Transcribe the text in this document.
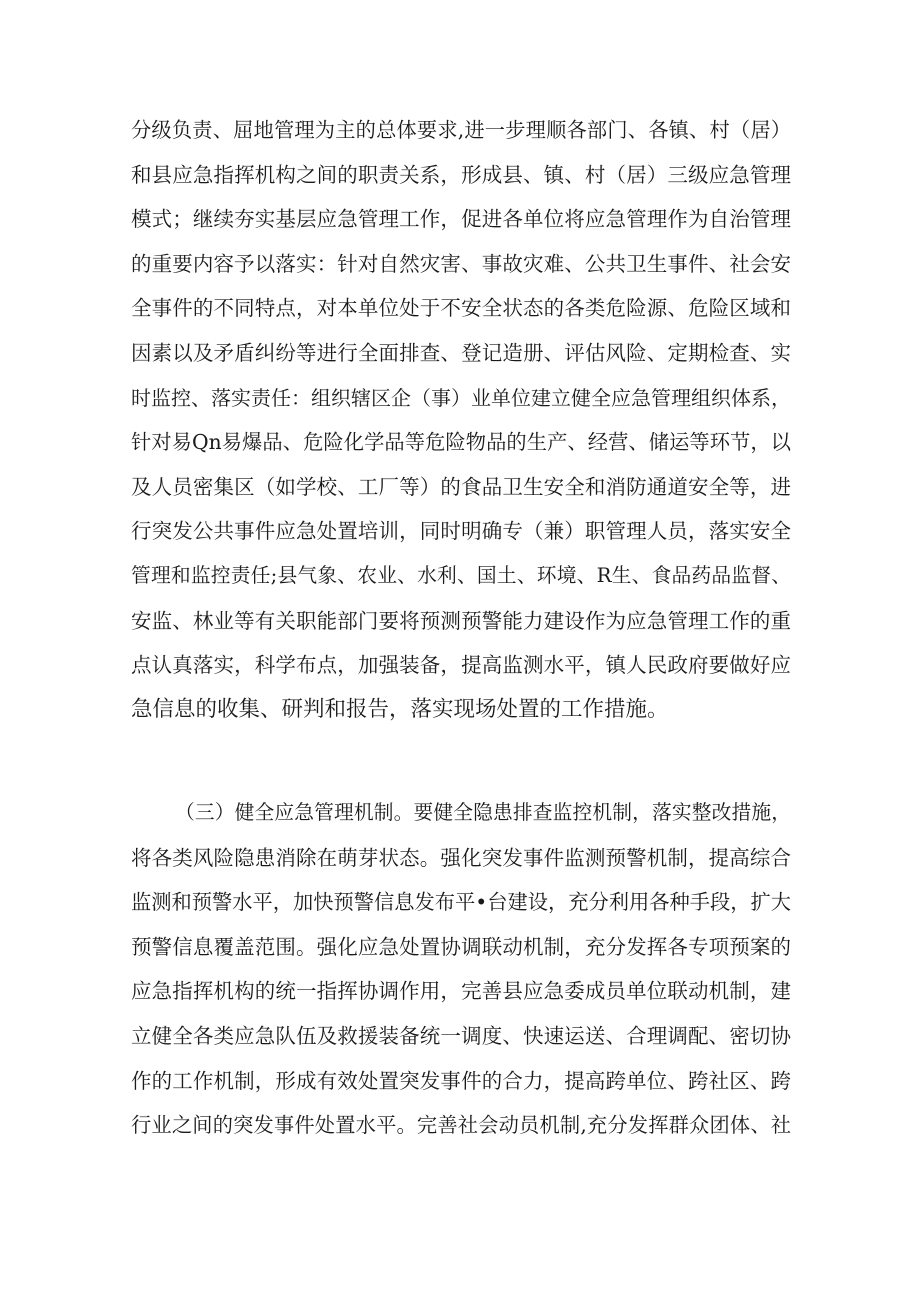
分级负责、屈地管理为主的总体要求,进一步理顺各部门、各镇、村（居）
和县应急指挥机构之间的职责关系，形成县、镇、村（居）三级应急管理
模式；继续夯实基层应急管理工作，促进各单位将应急管理作为自治管理
的重要内容予以落实：针对自然灾害、事故灾难、公共卫生事件、社会安
全事件的不同特点，对本单位处于不安全状态的各类危险源、危险区域和
因素以及矛盾纠纷等进行全面排查、登记造册、评估风险、定期检查、实
时监控、落实责任：组织辖区企（事）业单位建立健全应急管理组织体系，
针对易Qn易爆品、危险化学品等危险物品的生产、经营、储运等环节，以
及人员密集区（如学校、工厂等）的食品卫生安全和消防通道安全等，进
行突发公共事件应急处置培训，同时明确专（兼）职管理人员，落实安全
管理和监控责任;县气象、农业、水利、国土、环境、R生、食品药品监督、
安监、林业等有关职能部门要将预测预警能力建设作为应急管理工作的重
点认真落实，科学布点，加强装备，提高监测水平，镇人民政府要做好应
急信息的收集、研判和报告，落实现场处置的工作措施。
（三）健全应急管理机制。要健全隐患排查监控机制，落实整改措施，
将各类风险隐患消除在萌芽状态。强化突发事件监测预警机制，提高综合
监测和预警水平，加快预警信息发布平•台建设，充分利用各种手段，扩大
预警信息覆盖范围。强化应急处置协调联动机制，充分发挥各专项预案的
应急指挥机构的统一指挥协调作用，完善县应急委成员单位联动机制，建
立健全各类应急队伍及救援装备统一调度、快速运送、合理调配、密切协
作的工作机制，形成有效处置突发事件的合力，提高跨单位、跨社区、跨
行业之间的突发事件处置水平。完善社会动员机制,充分发挥群众团体、社
